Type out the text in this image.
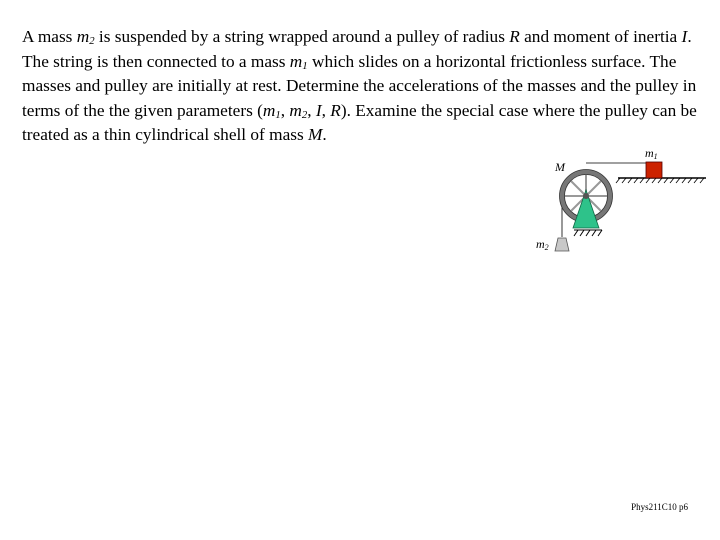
A mass $m_2$ is suspended by a string wrapped around a pulley of radius R and moment of inertia I. The string is then connected to a mass $m_1$ which slides on a horizontal frictionless surface. The masses and pulley are initially at rest. Determine the accelerations of the masses and the pulley in terms of the the given parameters ($m_1$, $m_2$, I, R). Examine the special case where the pulley can be treated as a thin cylindrical shell of mass M.

M
m1
m2
Phys211C10 p6
